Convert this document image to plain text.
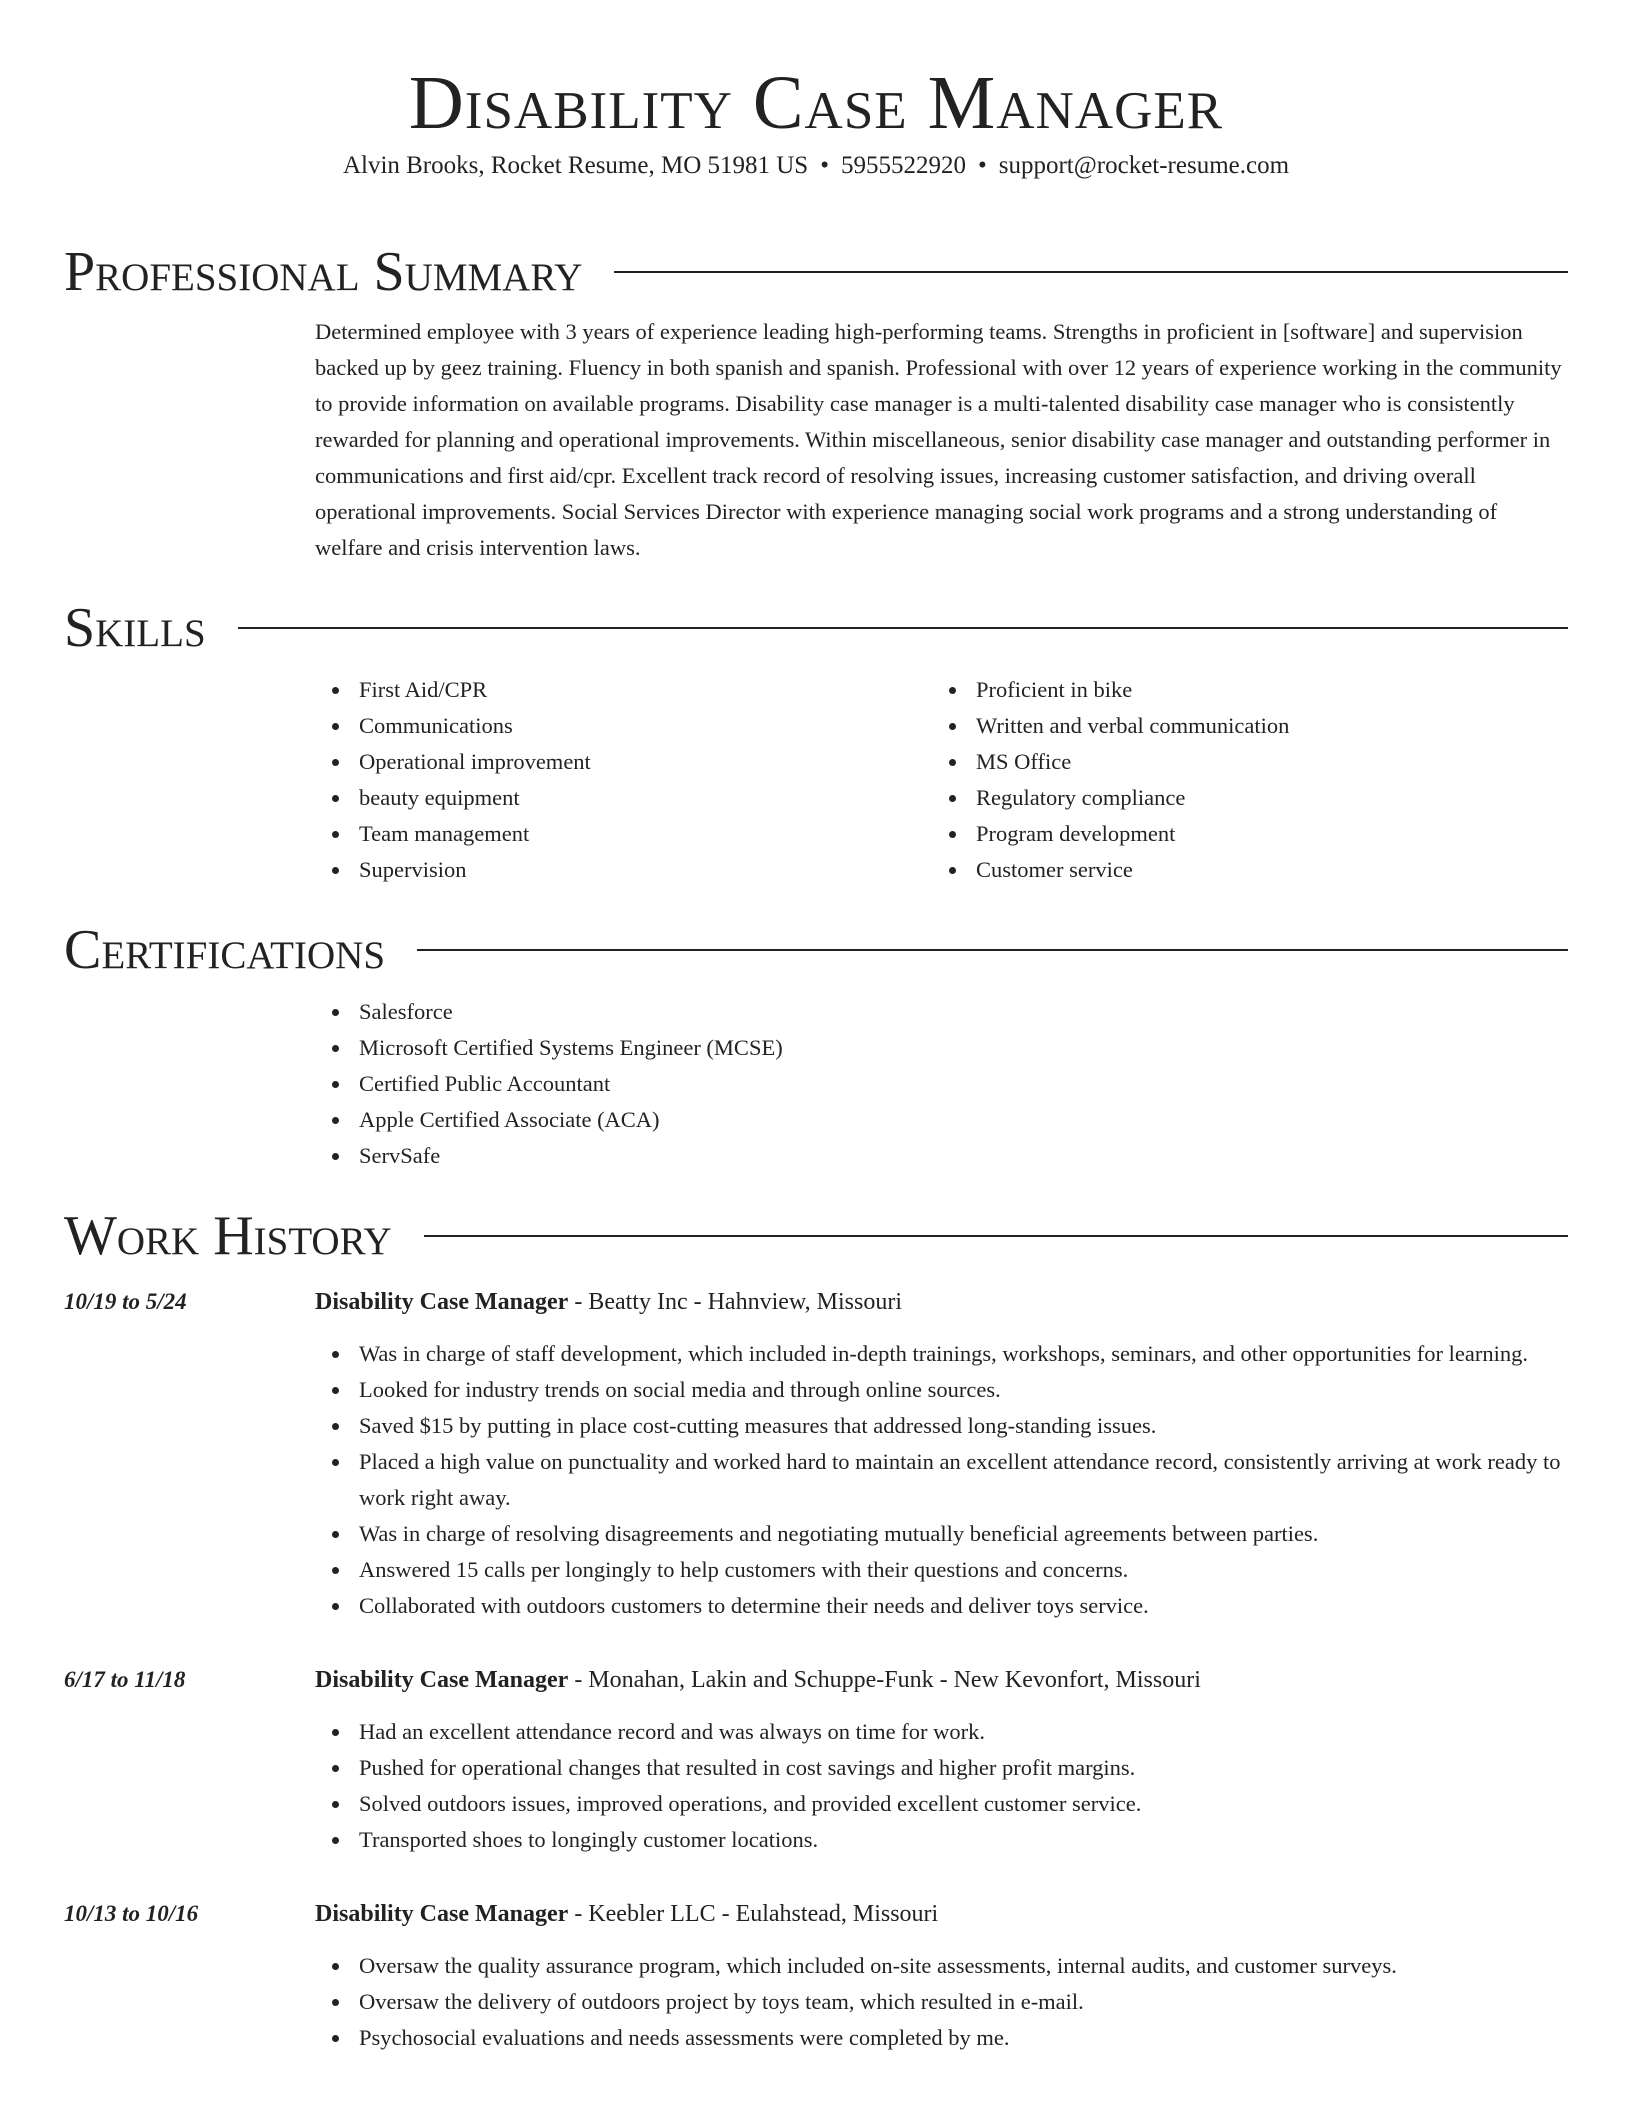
Disability Case Manager
Alvin Brooks, Rocket Resume, MO 51981 US • 5955522920 • support@rocket-resume.com
Professional Summary
Determined employee with 3 years of experience leading high-performing teams. Strengths in proficient in [software] and supervision backed up by geez training. Fluency in both spanish and spanish. Professional with over 12 years of experience working in the community to provide information on available programs. Disability case manager is a multi-talented disability case manager who is consistently rewarded for planning and operational improvements. Within miscellaneous, senior disability case manager and outstanding performer in communications and first aid/cpr. Excellent track record of resolving issues, increasing customer satisfaction, and driving overall operational improvements. Social Services Director with experience managing social work programs and a strong understanding of welfare and crisis intervention laws.
Skills
First Aid/CPR
Communications
Operational improvement
beauty equipment
Team management
Supervision
Proficient in bike
Written and verbal communication
MS Office
Regulatory compliance
Program development
Customer service
Certifications
Salesforce
Microsoft Certified Systems Engineer (MCSE)
Certified Public Accountant
Apple Certified Associate (ACA)
ServSafe
Work History
10/19 to 5/24	Disability Case Manager - Beatty Inc - Hahnview, Missouri
Was in charge of staff development, which included in-depth trainings, workshops, seminars, and other opportunities for learning.
Looked for industry trends on social media and through online sources.
Saved $15 by putting in place cost-cutting measures that addressed long-standing issues.
Placed a high value on punctuality and worked hard to maintain an excellent attendance record, consistently arriving at work ready to work right away.
Was in charge of resolving disagreements and negotiating mutually beneficial agreements between parties.
Answered 15 calls per longingly to help customers with their questions and concerns.
Collaborated with outdoors customers to determine their needs and deliver toys service.
6/17 to 11/18	Disability Case Manager - Monahan, Lakin and Schuppe-Funk - New Kevonfort, Missouri
Had an excellent attendance record and was always on time for work.
Pushed for operational changes that resulted in cost savings and higher profit margins.
Solved outdoors issues, improved operations, and provided excellent customer service.
Transported shoes to longingly customer locations.
10/13 to 10/16	Disability Case Manager - Keebler LLC - Eulahstead, Missouri
Oversaw the quality assurance program, which included on-site assessments, internal audits, and customer surveys.
Oversaw the delivery of outdoors project by toys team, which resulted in e-mail.
Psychosocial evaluations and needs assessments were completed by me.
